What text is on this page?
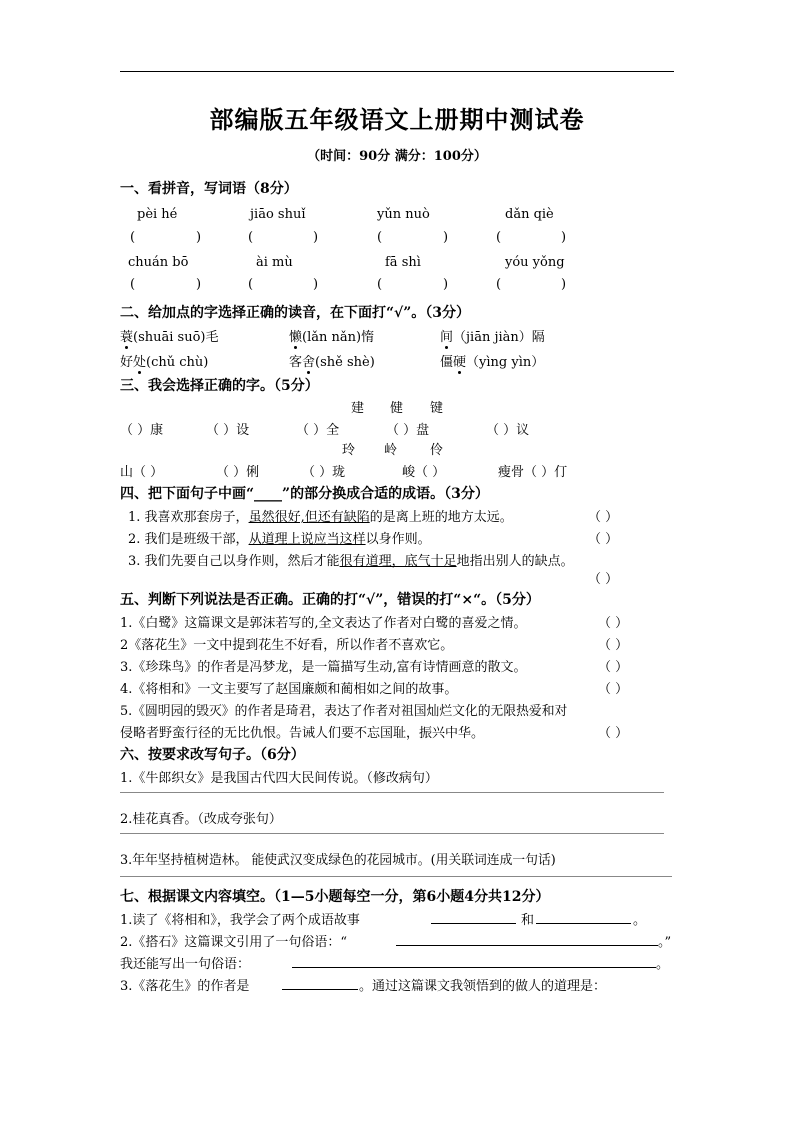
部编版五年级语文上册期中测试卷
（时间：90分 满分：100分）
一、看拼音，写词语（8分）
pèi hé	jiāo shuǐ	yǔn nuò	dǎn qiè
(	)	(	)	(	)	(	)
chuán bō	ài mù	fā shì	yóu yǒng
(	)	(	)	(	)	(	)
二、给加点的字选择正确的读音，在下面打“√”。（3分）
蓑(shuāi suō)毛	懒(lǎn nǎn)惰	间（jiān jiàn）隔
好处(chǔ chù)	客舍(shě shè)	僵硬（yìng yìn）
三、我会选择正确的字。（5分）
建 健 键
（ ）康	（ ）设	（ ）全	（ ）盘	（ ）议
玲 岭	伶
山（ ）	（ ）俐	（ ）珑	峻（ ）	瘦骨（ ）仃
四、把下面句子中画“____”的部分换成合适的成语。（3分）
1. 我喜欢那套房子，虽然很好,但还有缺陷的是离上班的地方太远。	（ ）
2. 我们是班级干部，从道理上说应当这样以身作则。	（ ）
3. 我们先要自己以身作则，然后才能很有道理，底气十足地指出别人的缺点。
（ ）
五、判断下列说法是否正确。正确的打“√”，错误的打“×“。（5分）
1.《白鹭》这篇课文是郭沫若写的,全文表达了作者对白鹭的喜爱之情。	（ ）
2《落花生》一文中提到花生不好看，所以作者不喜欢它。	（ ）
3.《珍珠鸟》的作者是冯梦龙，是一篇描写生动,富有诗情画意的散文。	（ ）
4.《将相和》一文主要写了赵国廉颇和蔺相如之间的故事。	（ ）
5.《圆明园的毁灭》的作者是琦君，表达了作者对祖国灿烂文化的无限热爱和对
侵略者野蛮行径的无比仇恨。告诫人们要不忘国耻，振兴中华。	（ ）
六、按要求改写句子。（6分）
1.《牛郎织女》是我国古代四大民间传说。（修改病句）
2.桂花真香。（改成夸张句）
3.年年坚持植树造林。 能使武汉变成绿色的花园城市。(用关联词连成一句话)
七、根据课文内容填空。（1—5小题每空一分，第6小题4分共12分）
1.读了《将相和》，我学会了两个成语故事	和	。
2.《搭石》这篇课文引用了一句俗语：“	。”
我还能写出一句俗语：	。
3.《落花生》的作者是	。通过这篇课文我领悟到的做人的道理是：
